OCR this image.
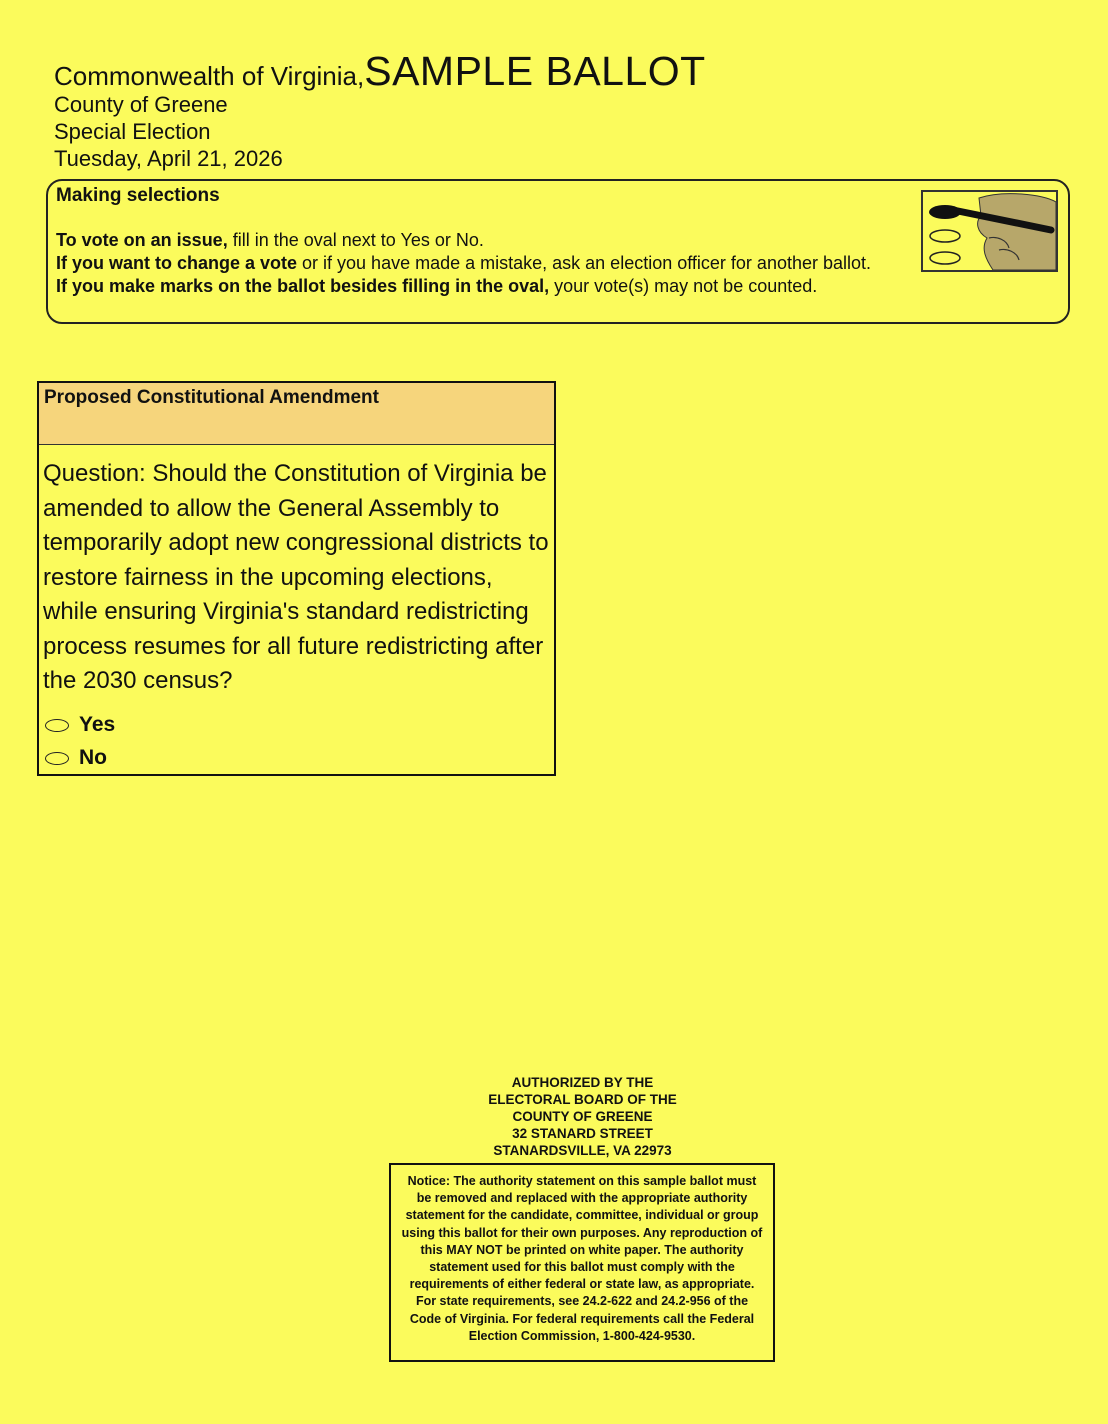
Commonwealth of Virginia,SAMPLE BALLOT
County of Greene
Special Election
Tuesday, April 21, 2026
Making selections
To vote on an issue, fill in the oval next to Yes or No.
If you want to change a vote or if you have made a mistake, ask an election officer for another ballot.
If you make marks on the ballot besides filling in the oval, your vote(s) may not be counted.
Proposed Constitutional Amendment
Question: Should the Constitution of Virginia be amended to allow the General Assembly to temporarily adopt new congressional districts to restore fairness in the upcoming elections, while ensuring Virginia's standard redistricting process resumes for all future redistricting after the 2030 census?
Yes
No
AUTHORIZED BY THE
ELECTORAL BOARD OF THE
COUNTY OF GREENE
32 STANARD STREET
STANARDSVILLE, VA 22973
Notice: The authority statement on this sample ballot must be removed and replaced with the appropriate authority statement for the candidate, committee, individual or group using this ballot for their own purposes. Any reproduction of this MAY NOT be printed on white paper. The authority statement used for this ballot must comply with the requirements of either federal or state law, as appropriate. For state requirements, see 24.2-622 and 24.2-956 of the Code of Virginia. For federal requirements call the Federal Election Commission, 1-800-424-9530.
